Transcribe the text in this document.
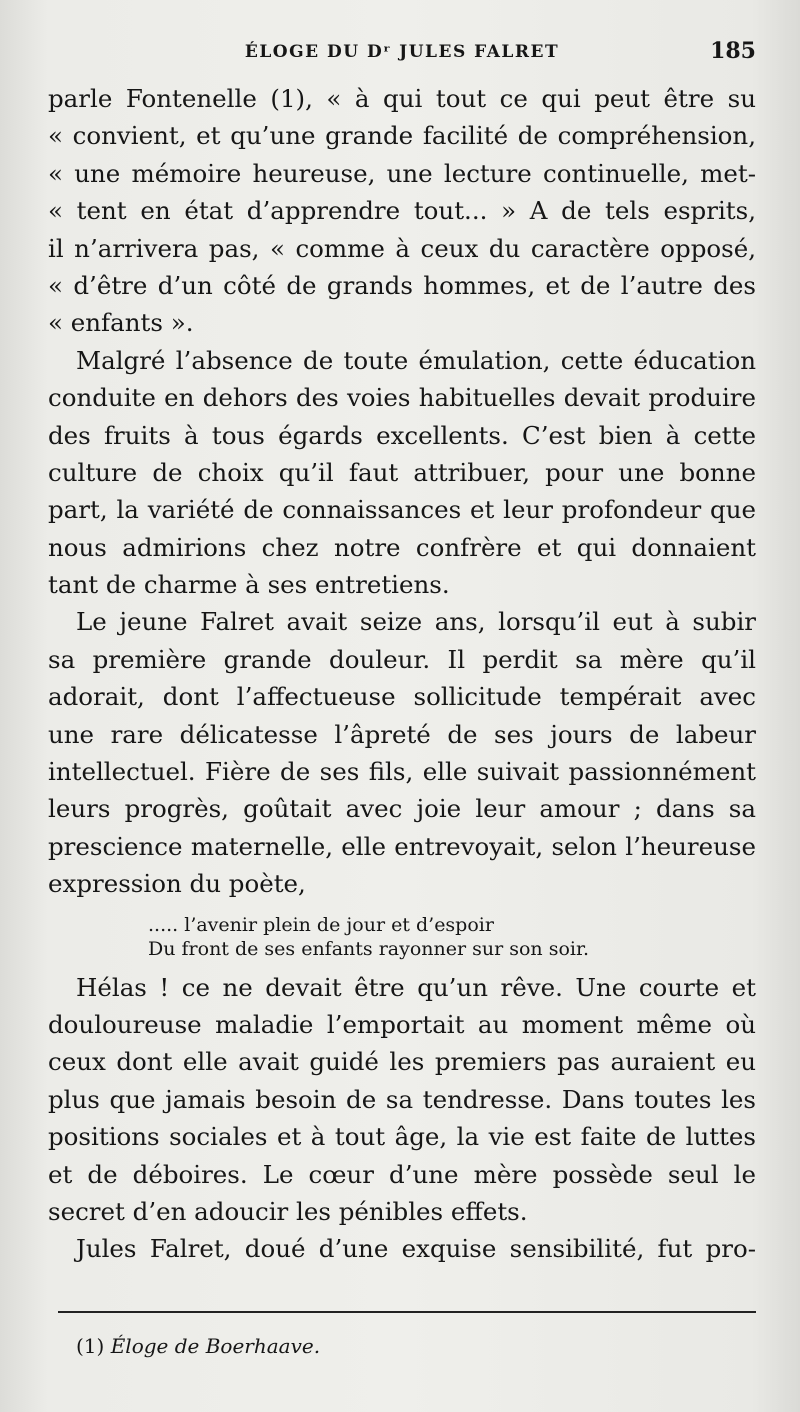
ÉLOGE DU Dʳ JULES FALRET	185
parle Fontenelle (1), « à qui tout ce qui peut être su
« convient, et qu’une grande facilité de compréhension,
« une mémoire heureuse, une lecture continuelle, met-
« tent en état d’apprendre tout... » A de tels esprits,
il n’arrivera pas, « comme à ceux du caractère opposé,
« d’être d’un côté de grands hommes, et de l’autre des
« enfants ».
Malgré l’absence de toute émulation, cette éducation
conduite en dehors des voies habituelles devait produire
des fruits à tous égards excellents. C’est bien à cette
culture de choix qu’il faut attribuer, pour une bonne
part, la variété de connaissances et leur profondeur que
nous admirions chez notre confrère et qui donnaient
tant de charme à ses entretiens.
Le jeune Falret avait seize ans, lorsqu’il eut à subir
sa première grande douleur. Il perdit sa mère qu’il
adorait, dont l’affectueuse sollicitude tempérait avec
une rare délicatesse l’âpreté de ses jours de labeur
intellectuel. Fière de ses fils, elle suivait passionnément
leurs progrès, goûtait avec joie leur amour ; dans sa
prescience maternelle, elle entrevoyait, selon l’heureuse
expression du poète,
..... l’avenir plein de jour et d’espoir
Du front de ses enfants rayonner sur son soir.
Hélas ! ce ne devait être qu’un rêve. Une courte et
douloureuse maladie l’emportait au moment même où
ceux dont elle avait guidé les premiers pas auraient eu
plus que jamais besoin de sa tendresse. Dans toutes les
positions sociales et à tout âge, la vie est faite de luttes
et de déboires. Le cœur d’une mère possède seul le
secret d’en adoucir les pénibles effets.
Jules Falret, doué d’une exquise sensibilité, fut pro-
(1) Éloge de Boerhaave.
